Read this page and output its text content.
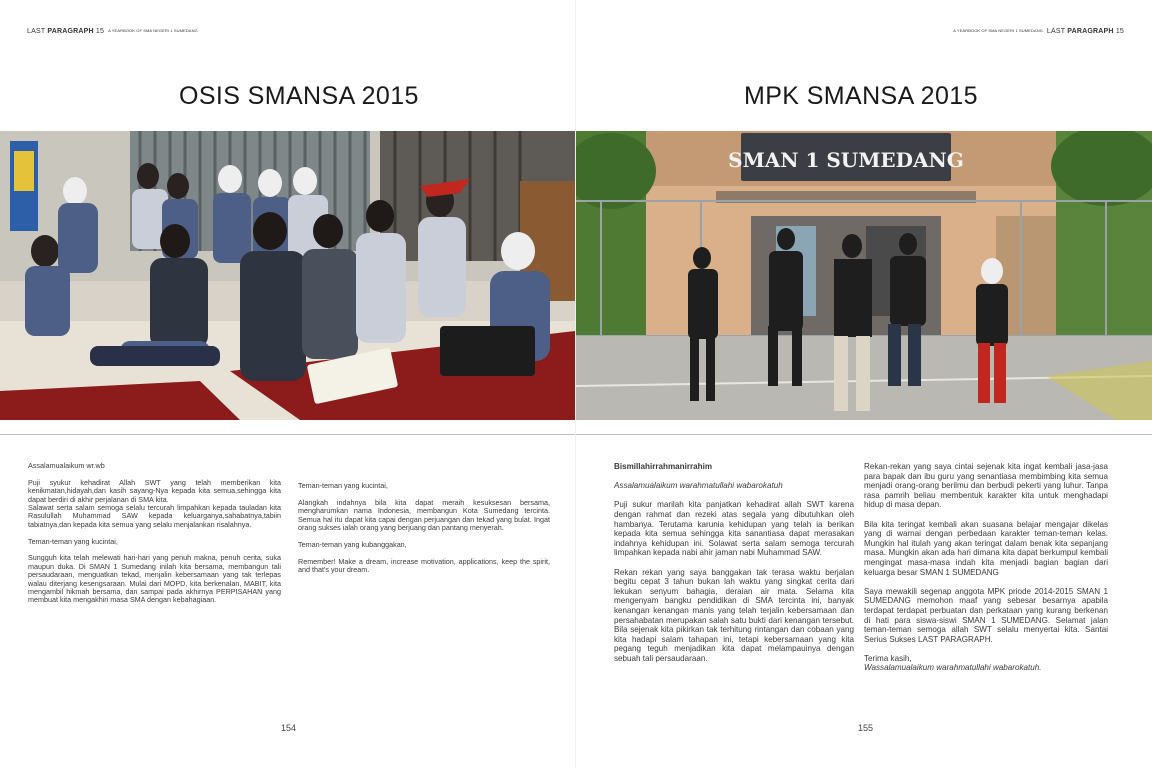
LAST PARAGRAPH 15 $^{A YEARBOOK OF SMA NEGERI 1 SUMEDANG}$
OSIS SMANSA 2015

Assalamualaikum wr.wb

Puji syukur kehadirat Allah SWT yang telah memberikan kita kenikmatan,hidayah,dan kasih sayang-Nya kepada kita semua,sehingga kita dapat berdiri di akhir perjalanan di SMA kita.
Salawat serta salam semoga selalu tercurah limpahkan kepada tauladan kita Rasulullah Muhammad SAW kepada keluarganya,sahabatnya,tabiin tabiatnya,dan kepada kita semua yang selalu menjalankan risalahnya.

Teman-teman yang kucintai,

Sungguh kita telah melewati hari-hari yang penuh makna, penuh cerita, suka maupun duka. Di SMAN 1 Sumedang inilah kita bersama, membangun tali persaudaraan, menguatkan tekad, menjalin kebersamaan yang tak terlepas walau diterjang kesengsaraan. Mulai dari MOPD, kita berkenalan, MABIT, kita mengambil hikmah bersama, dan sampai pada akhirnya PERPISAHAN yang membuat kita mengakhiri masa SMA dengan kebahagiaan.

Teman-teman yang kucintai,

Alangkah indahnya bila kita dapat meraih kesuksesan bersama, mengharumkan nama Indonesia, membangun Kota Sumedang tercinta. Semua hal itu dapat kita capai dengan perjuangan dan tekad yang bulat. Ingat orang sukses ialah orang yang berjuang dan pantang menyerah.

Teman-teman yang kubanggakan,

Remember! Make a dream, increase motivation, applications, keep the spirit, and that's your dream.

154
$^{A YEARBOOK OF SMA NEGERI 1 SUMEDANG}$ LAST PARAGRAPH 15
MPK SMANSA 2015
SMAN 1 SUMEDANG

Bismillahirrahmanirrahim

Assalamualaikum warahmatullahi wabarokatuh

Puji sukur marilah kita panjatkan kehadirat allah SWT karena dengan rahmat dan rezeki atas segala yang dibutuhkan oleh hambanya. Terutama karunia kehidupan yang telah ia berikan kepada kita semua sehingga kita sanantiasa dapat merasakan indahnya kehidupan ini. Solawat serta salam semoga tercurah limpahkan kepada nabi ahir jaman nabi Muhammad SAW.

Rekan rekan yang saya banggakan tak terasa waktu berjalan begitu cepat 3 tahun bukan lah waktu yang singkat cerita dari lekukan senyum bahagia, deraian air mata. Selama kita mengenyam bangku pendidikan di SMA tercinta ini, banyak kenangan kenangan manis yang telah terjalin kebersamaan dan persahabatan merupakan salah satu bukti dari kenangan tersebut. Bila sejenak kita pikirkan tak terhitung rintangan dan cobaan yang kita hadapi salam tahapan ini, tetapi kebersamaan yang kita pegang teguh menjadikan kita dapat melampauinya dengan sebuah tali persaudaraan.

Rekan-rekan yang saya cintai sejenak kita ingat kembali jasa-jasa para bapak dan ibu guru yang senantiasa membimbing kita semua menjadi orang-orang berilmu dan berbudi pekerti yang luhur. Tanpa rasa pamrih beliau membentuk karakter kita untuk menghadapi hidup di masa depan.

Bila kita teringat kembali akan suasana belajar mengajar dikelas yang di warnai dengan perbedaan karakter teman-teman kelas. Mungkin hal itulah yang akan teringat dalam benak kita sepanjang masa. Mungkin akan ada hari dimana kita dapat berkumpul kembali mengingat masa-masa indah kita menjadi bagian bagian dari keluarga besar SMAN 1 SUMEDANG

Saya mewakili segenap anggota MPK priode 2014-2015 SMAN 1 SUMEDANG memohon maaf yang sebesar besarnya apabila terdapat terdapat perbuatan dan perkataan yang kurang berkenan di hati para siswa-siswi SMAN 1 SUMEDANG. Selamat jalan teman-teman semoga allah SWT selalu menyertai kita. Santai Serius Sukses LAST PARAGRAPH.

Terima kasih,

Wassalamualaikum warahmatullahi wabarokatuh.

155
